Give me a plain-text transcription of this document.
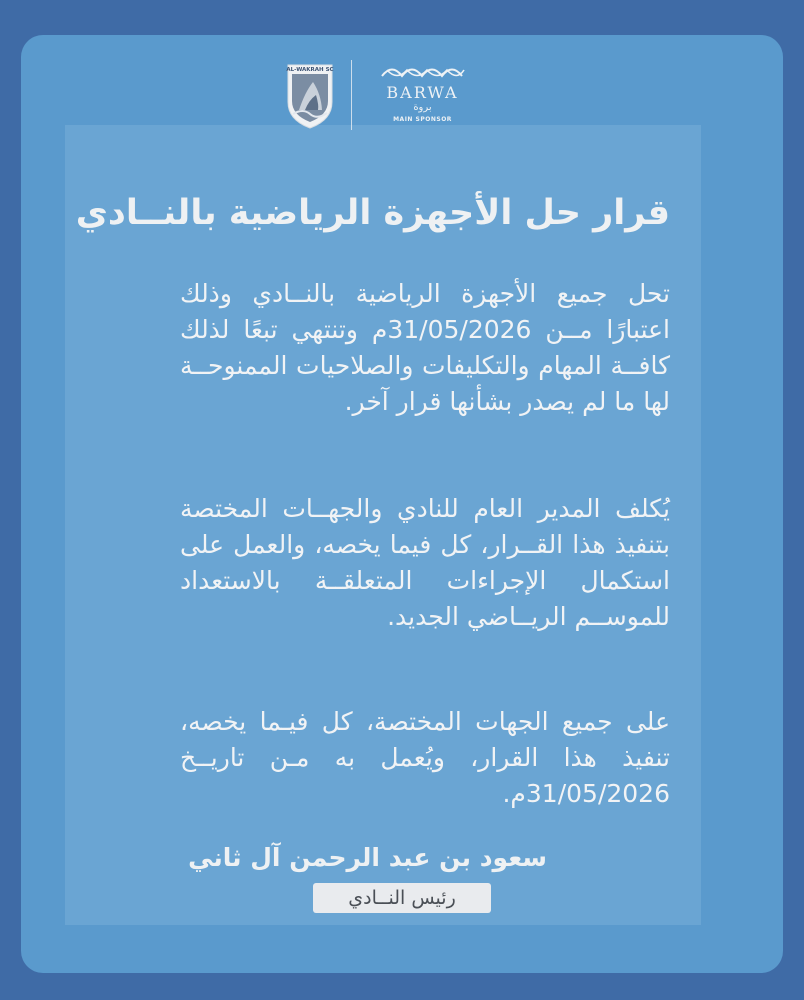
AL-WAKRAH SC
BARWA
بروة
MAIN SPONSOR
قرار حل الأجهزة الرياضية بالنــادي
تحل جميع الأجهزة الرياضية بالنــادي وذلك اعتبارًا مــن 31/05/2026م وتنتهي تبعًا لذلك كافــة المهام والتكليفات والصلاحيات الممنوحــة لها ما لم يصدر بشأنها قرار آخر.
يُكلف المدير العام للنادي والجهــات المختصة بتنفيذ هذا القــرار، كل فيما يخصه، والعمل على استكمال الإجراءات المتعلقــة بالاستعداد للموســم الريــاضي الجديد.
على جميع الجهات المختصة، كل فيـما يخصه، تنفيذ هذا القرار، ويُعمل به مـن تاريــخ 31/05/2026م.
سعود بن عبد الرحمن آل ثاني
رئيس النــادي
